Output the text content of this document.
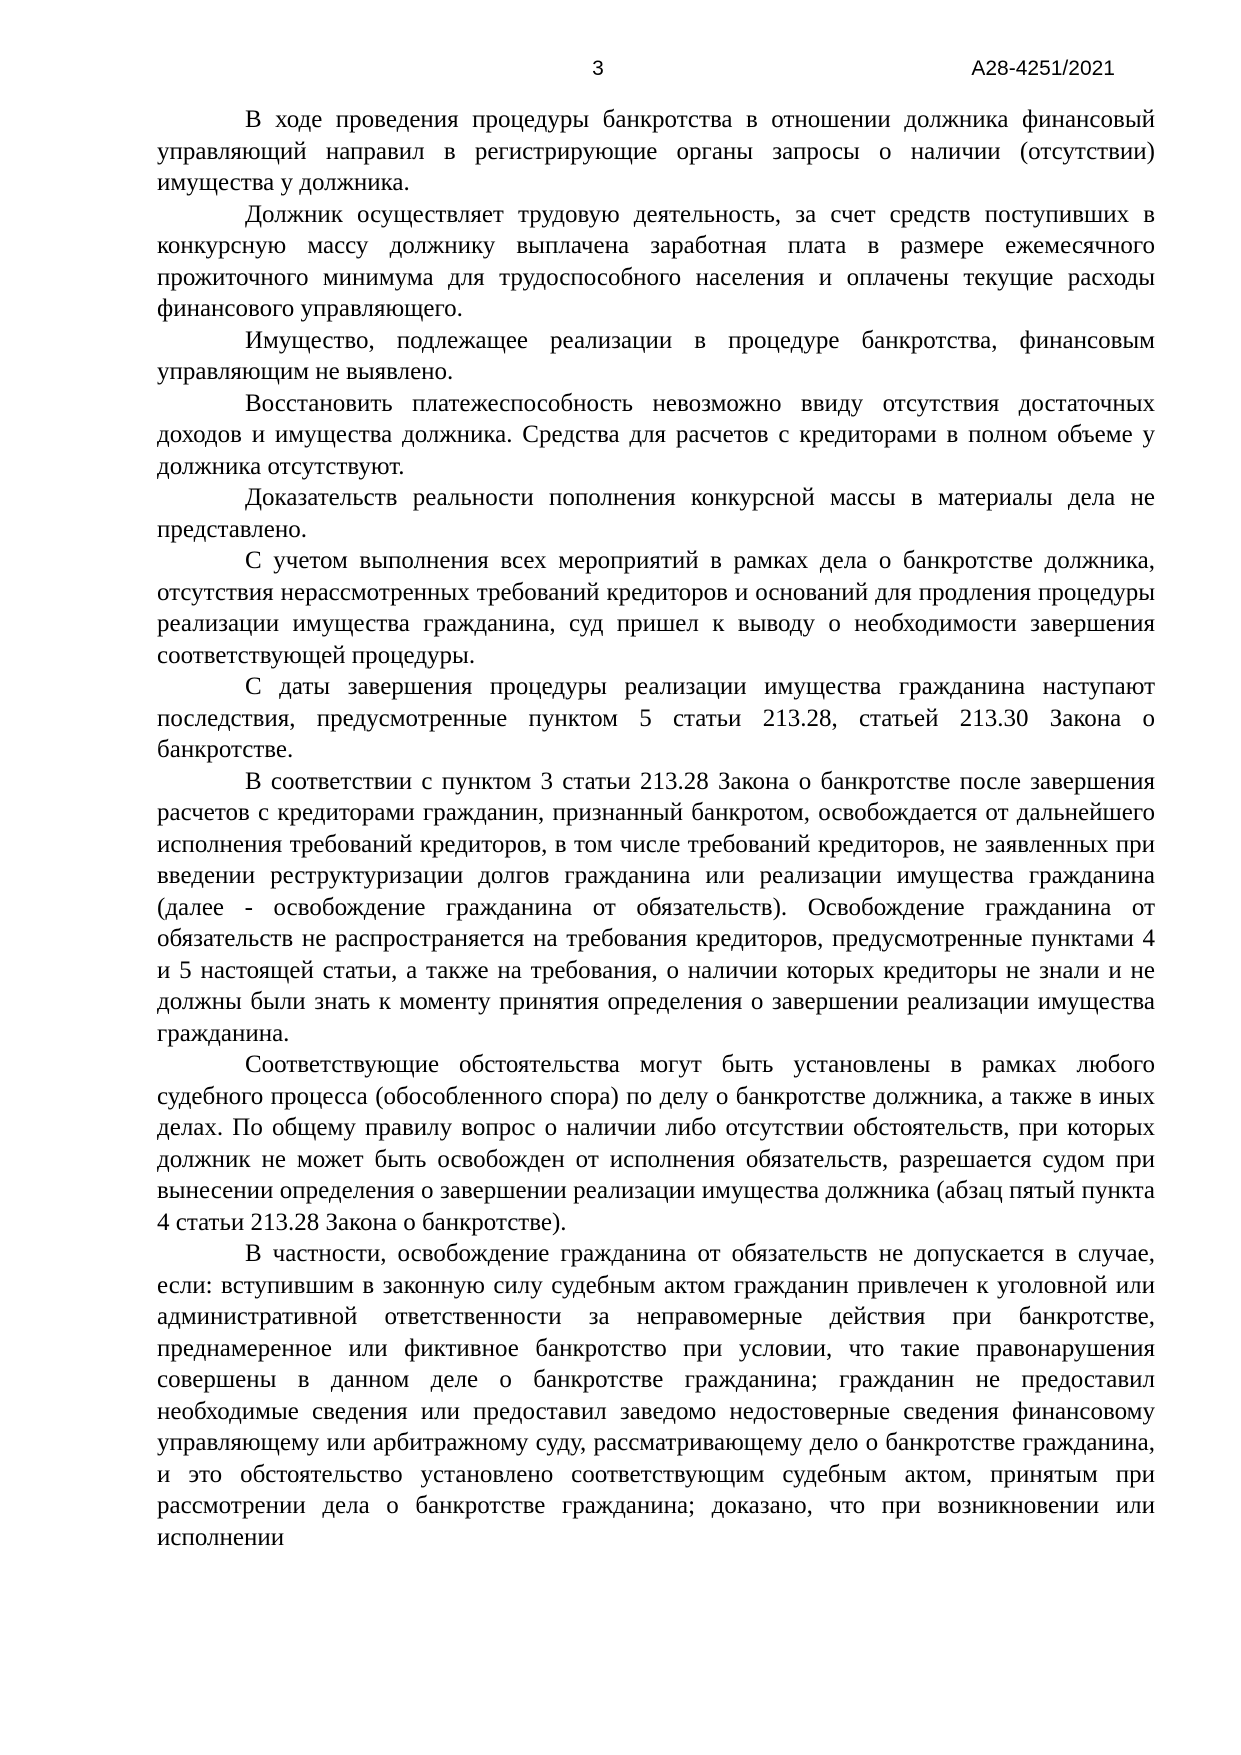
3	А28-4251/2021

В ходе проведения процедуры банкротства в отношении должника финансовый управляющий направил в регистрирующие органы запросы о наличии (отсутствии) имущества у должника.

Должник осуществляет трудовую деятельность, за счет средств поступивших в конкурсную массу должнику выплачена заработная плата в размере ежемесячного прожиточного минимума для трудоспособного населения и оплачены текущие расходы финансового управляющего.

Имущество, подлежащее реализации в процедуре банкротства, финансовым управляющим не выявлено.

Восстановить платежеспособность невозможно ввиду отсутствия достаточных доходов и имущества должника. Средства для расчетов с кредиторами в полном объеме у должника отсутствуют.

Доказательств реальности пополнения конкурсной массы в материалы дела не представлено.

С учетом выполнения всех мероприятий в рамках дела о банкротстве должника, отсутствия нерассмотренных требований кредиторов и оснований для продления процедуры реализации имущества гражданина, суд пришел к выводу о необходимости завершения соответствующей процедуры.

С даты завершения процедуры реализации имущества гражданина наступают последствия, предусмотренные пунктом 5 статьи 213.28, статьей 213.30 Закона о банкротстве.

В соответствии с пунктом 3 статьи 213.28 Закона о банкротстве после завершения расчетов с кредиторами гражданин, признанный банкротом, освобождается от дальнейшего исполнения требований кредиторов, в том числе требований кредиторов, не заявленных при введении реструктуризации долгов гражданина или реализации имущества гражданина (далее - освобождение гражданина от обязательств). Освобождение гражданина от обязательств не распространяется на требования кредиторов, предусмотренные пунктами 4 и 5 настоящей статьи, а также на требования, о наличии которых кредиторы не знали и не должны были знать к моменту принятия определения о завершении реализации имущества гражданина.

Соответствующие обстоятельства могут быть установлены в рамках любого судебного процесса (обособленного спора) по делу о банкротстве должника, а также в иных делах. По общему правилу вопрос о наличии либо отсутствии обстоятельств, при которых должник не может быть освобожден от исполнения обязательств, разрешается судом при вынесении определения о завершении реализации имущества должника (абзац пятый пункта 4 статьи 213.28 Закона о банкротстве).

В частности, освобождение гражданина от обязательств не допускается в случае, если: вступившим в законную силу судебным актом гражданин привлечен к уголовной или административной ответственности за неправомерные действия при банкротстве, преднамеренное или фиктивное банкротство при условии, что такие правонарушения совершены в данном деле о банкротстве гражданина; гражданин не предоставил необходимые сведения или предоставил заведомо недостоверные сведения финансовому управляющему или арбитражному суду, рассматривающему дело о банкротстве гражданина, и это обстоятельство установлено соответствующим судебным актом, принятым при рассмотрении дела о банкротстве гражданина; доказано, что при возникновении или исполнении
